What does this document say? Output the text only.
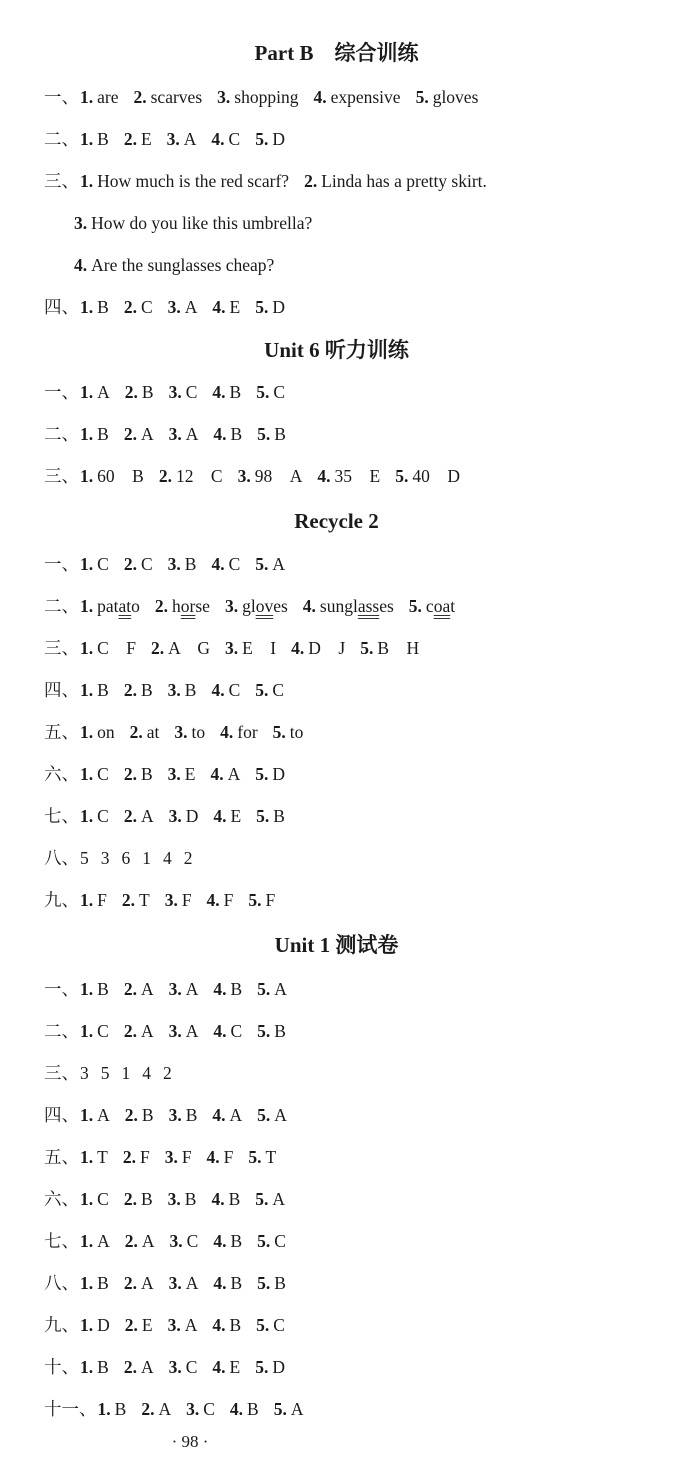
Part B　综合训练
一、1. are 2. scarves 3. shopping 4. expensive 5. gloves
二、1. B 2. E 3. A 4. C 5. D
三、1. How much is the red scarf? 2. Linda has a pretty skirt.
3. How do you like this umbrella?
4. Are the sunglasses cheap?
四、1. B 2. C 3. A 4. E 5. D
Unit 6 听力训练
一、1. A 2. B 3. C 4. B 5. C
二、1. B 2. A 3. A 4. B 5. B
三、1. 60　B 2. 12　C 3. 98　A 4. 35　E 5. 40　D
Recycle 2
一、1. C 2. C 3. B 4. C 5. A
二、1. patato 2. horse 3. gloves 4. sunglasses 5. coat
三、1. C　F 2. A　G 3. E　I 4. D　J 5. B　H
四、1. B 2. B 3. B 4. C 5. C
五、1. on 2. at 3. to 4. for 5. to
六、1. C 2. B 3. E 4. A 5. D
七、1. C 2. A 3. D 4. E 5. B
八、5 3 6 1 4 2
九、1. F 2. T 3. F 4. F 5. F
Unit 1 测试卷
一、1. B 2. A 3. A 4. B 5. A
二、1. C 2. A 3. A 4. C 5. B
三、3 5 1 4 2
四、1. A 2. B 3. B 4. A 5. A
五、1. T 2. F 3. F 4. F 5. T
六、1. C 2. B 3. B 4. B 5. A
七、1. A 2. A 3. C 4. B 5. C
八、1. B 2. A 3. A 4. B 5. B
九、1. D 2. E 3. A 4. B 5. C
十、1. B 2. A 3. C 4. E 5. D
十一、1. B 2. A 3. C 4. B 5. A
· 98 ·
